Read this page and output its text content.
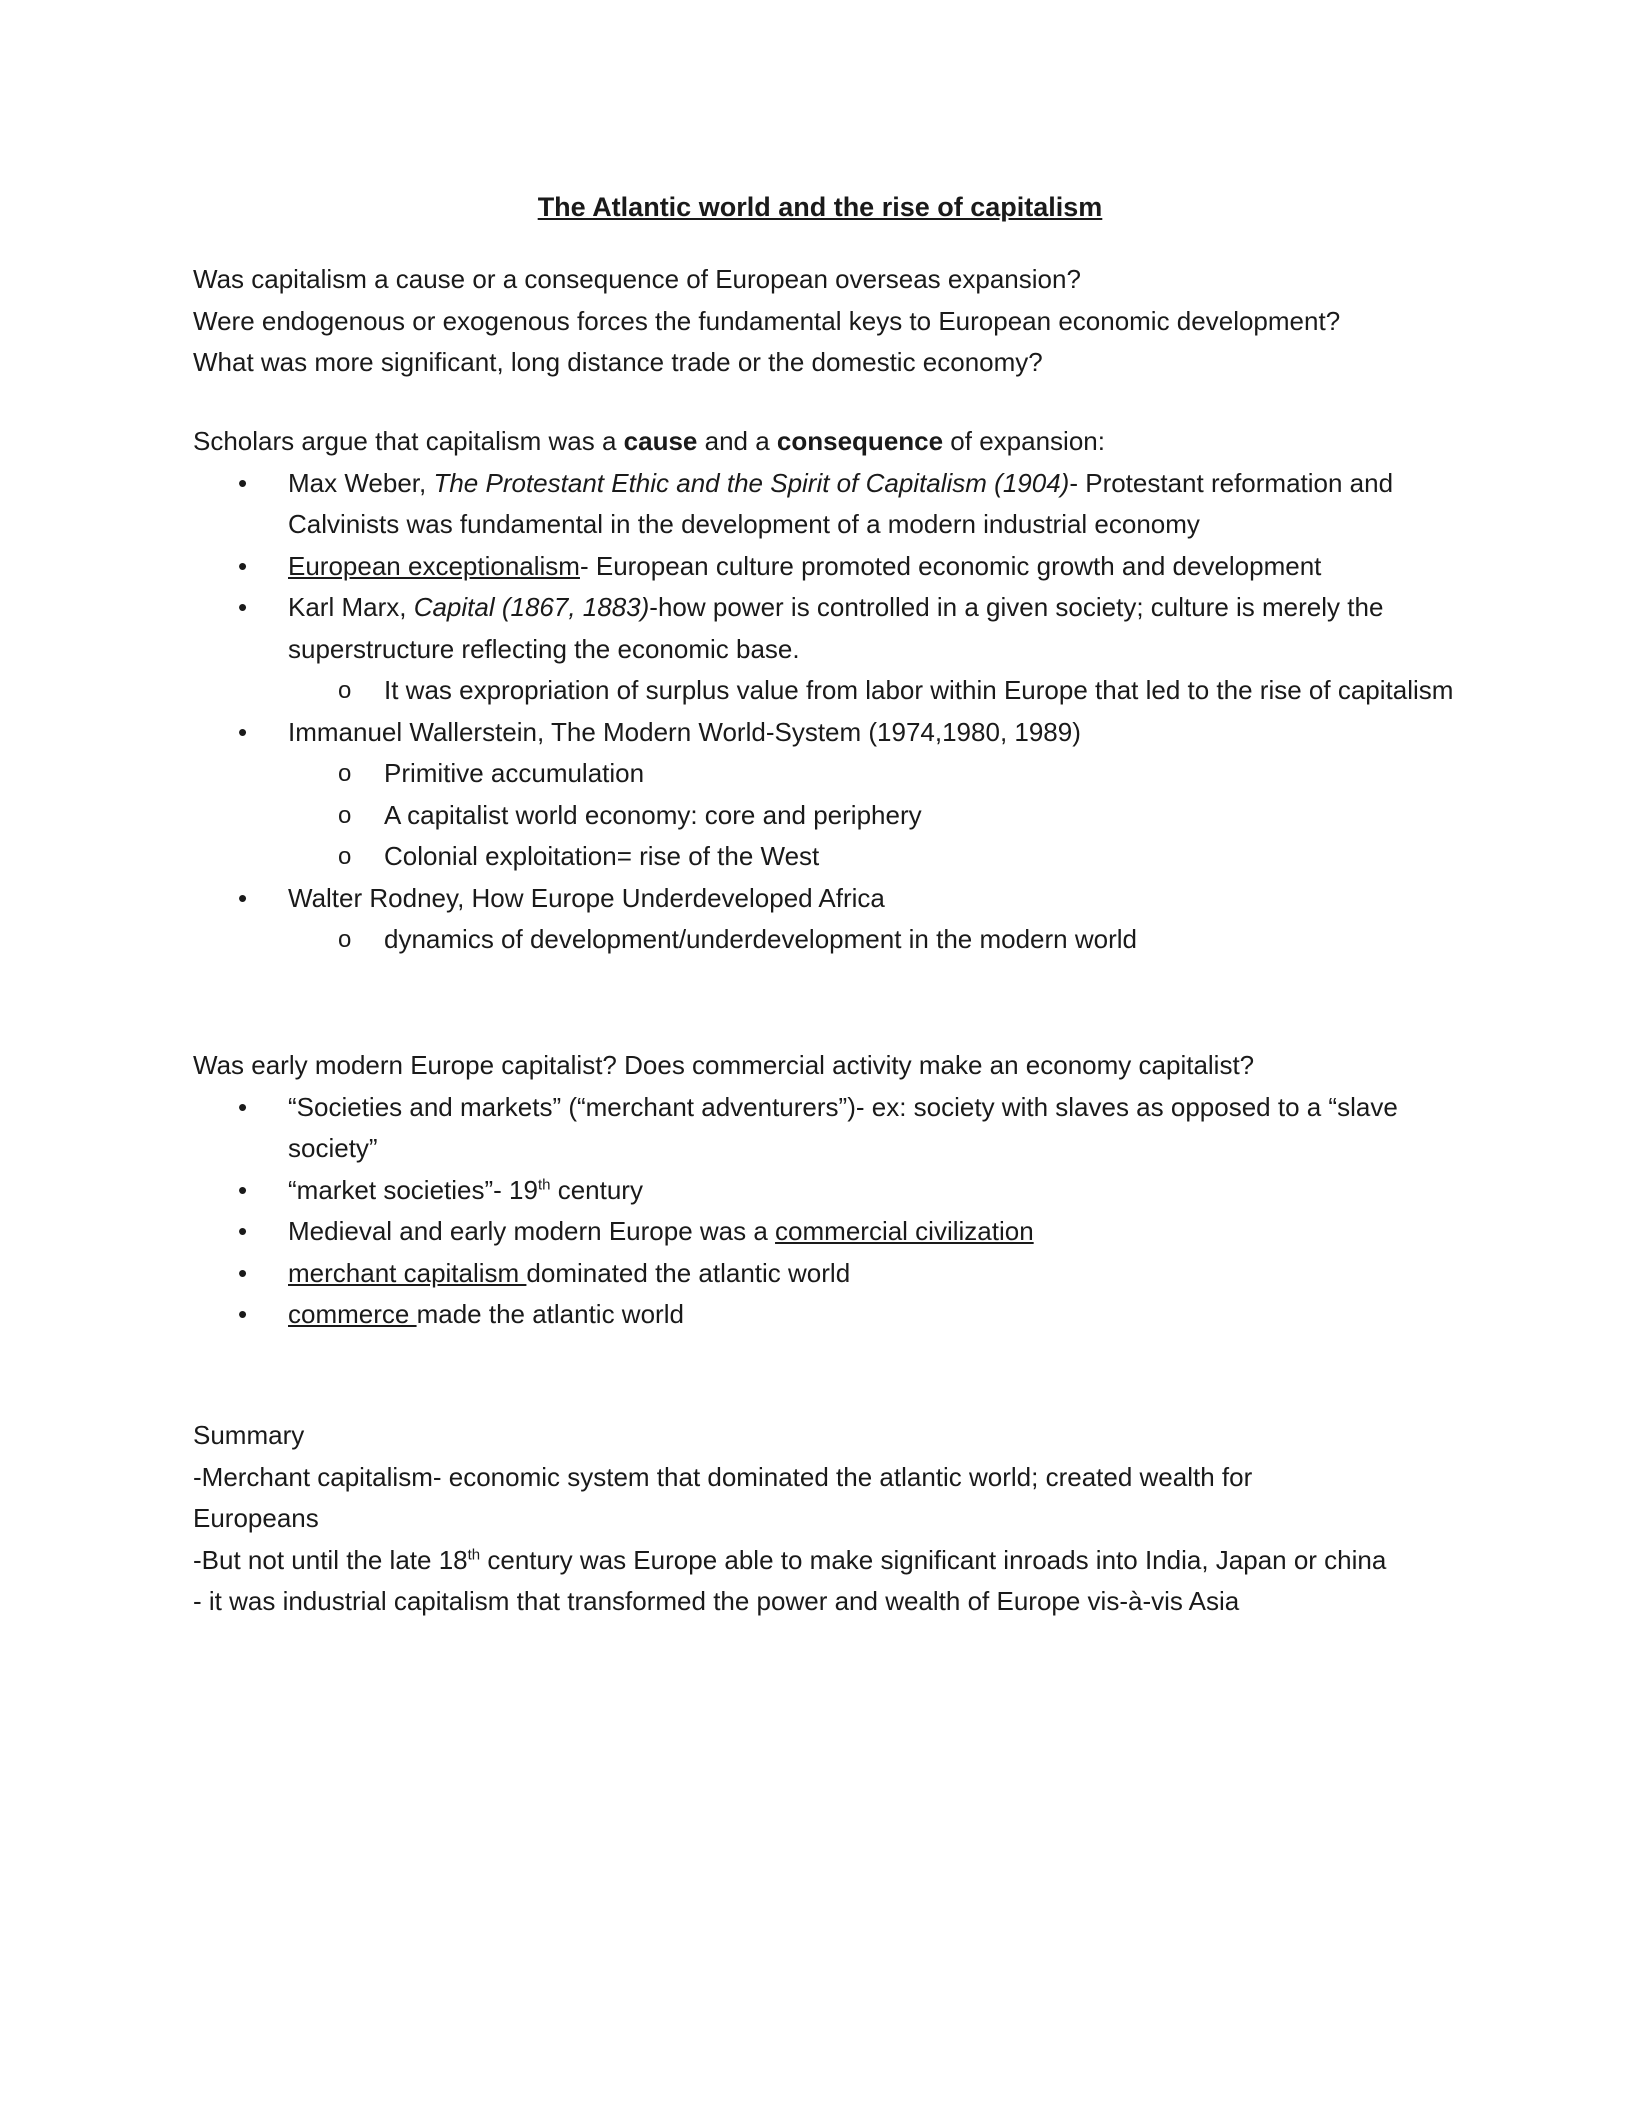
The Atlantic world and the rise of capitalism

Was capitalism a cause or a consequence of European overseas expansion?

Were endogenous or exogenous forces the fundamental keys to European economic development?

What was more significant, long distance trade or the domestic economy?

Scholars argue that capitalism was a cause and a consequence of expansion:

• Max Weber, The Protestant Ethic and the Spirit of Capitalism (1904)- Protestant reformation and Calvinists was fundamental in the development of a modern industrial economy
• European exceptionalism- European culture promoted economic growth and development
• Karl Marx, Capital (1867, 1883)-how power is controlled in a given society; culture is merely the superstructure reflecting the economic base.
o It was expropriation of surplus value from labor within Europe that led to the rise of capitalism
• Immanuel Wallerstein, The Modern World-System (1974,1980, 1989)
o Primitive accumulation
o A capitalist world economy: core and periphery
o Colonial exploitation= rise of the West
• Walter Rodney, How Europe Underdeveloped Africa
o dynamics of development/underdevelopment in the modern world

Was early modern Europe capitalist? Does commercial activity make an economy capitalist?

• “Societies and markets” (“merchant adventurers”)- ex: society with slaves as opposed to a “slave society”
• “market societies”- 19th century
• Medieval and early modern Europe was a commercial civilization
• merchant capitalism dominated the atlantic world
• commerce made the atlantic world

Summary

-Merchant capitalism- economic system that dominated the atlantic world; created wealth for

Europeans

-But not until the late 18th century was Europe able to make significant inroads into India, Japan or china

- it was industrial capitalism that transformed the power and wealth of Europe vis-à-vis Asia
